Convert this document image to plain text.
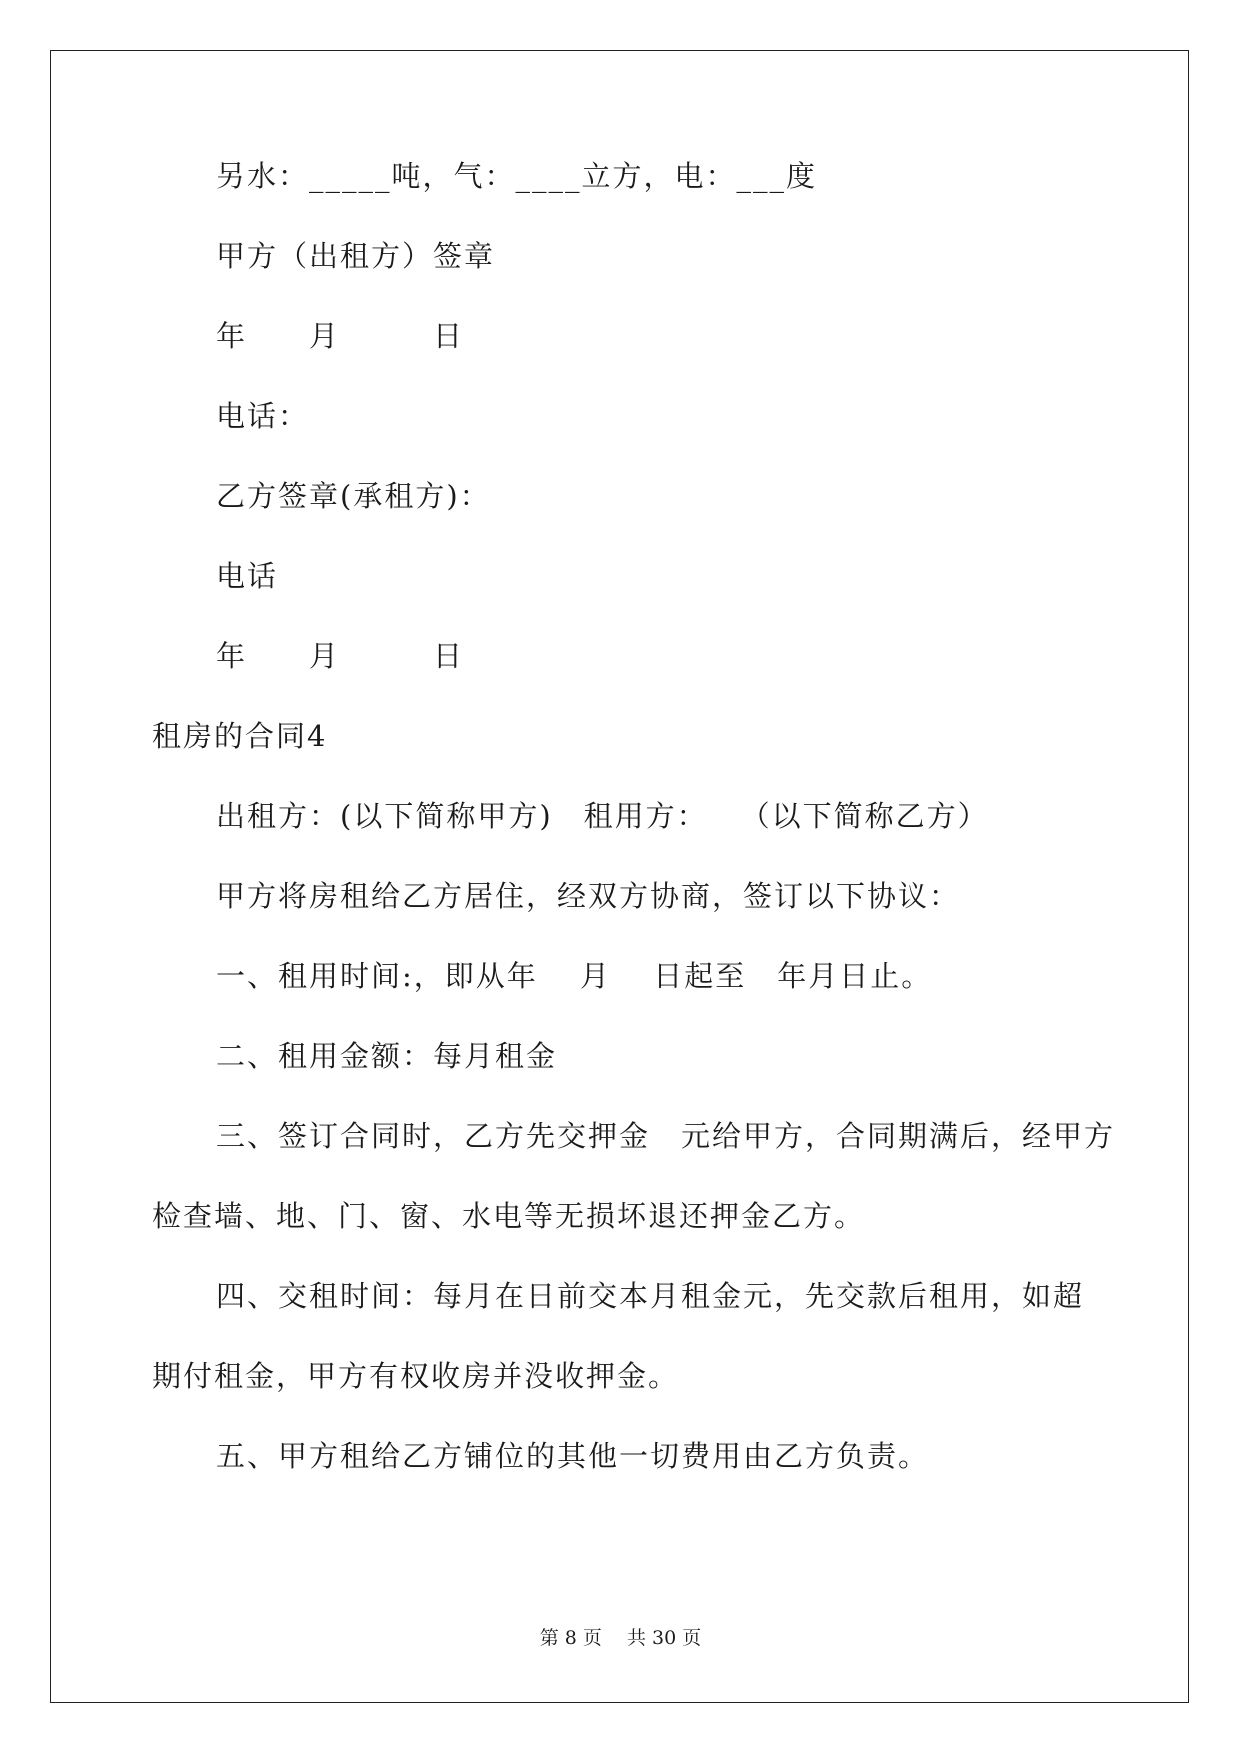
另水：_____吨，气：____立方，电：___度
甲方（出租方）签章
年　　月　　　日
电话：
乙方签章(承租方)：
电话
年　　月　　　日
租房的合同4
出租方：(以下简称甲方)　租用方：　　（以下简称乙方）
甲方将房租给乙方居住，经双方协商，签订以下协议：
一、租用时间:，即从年　 月　 日起至　年月日止。
二、租用金额：每月租金
三、签订合同时，乙方先交押金　元给甲方，合同期满后，经甲方
检查墙、地、门、窗、水电等无损坏退还押金乙方。
四、交租时间：每月在日前交本月租金元，先交款后租用，如超
期付租金，甲方有权收房并没收押金。
五、甲方租给乙方铺位的其他一切费用由乙方负责。
第 8 页　 共 30 页
